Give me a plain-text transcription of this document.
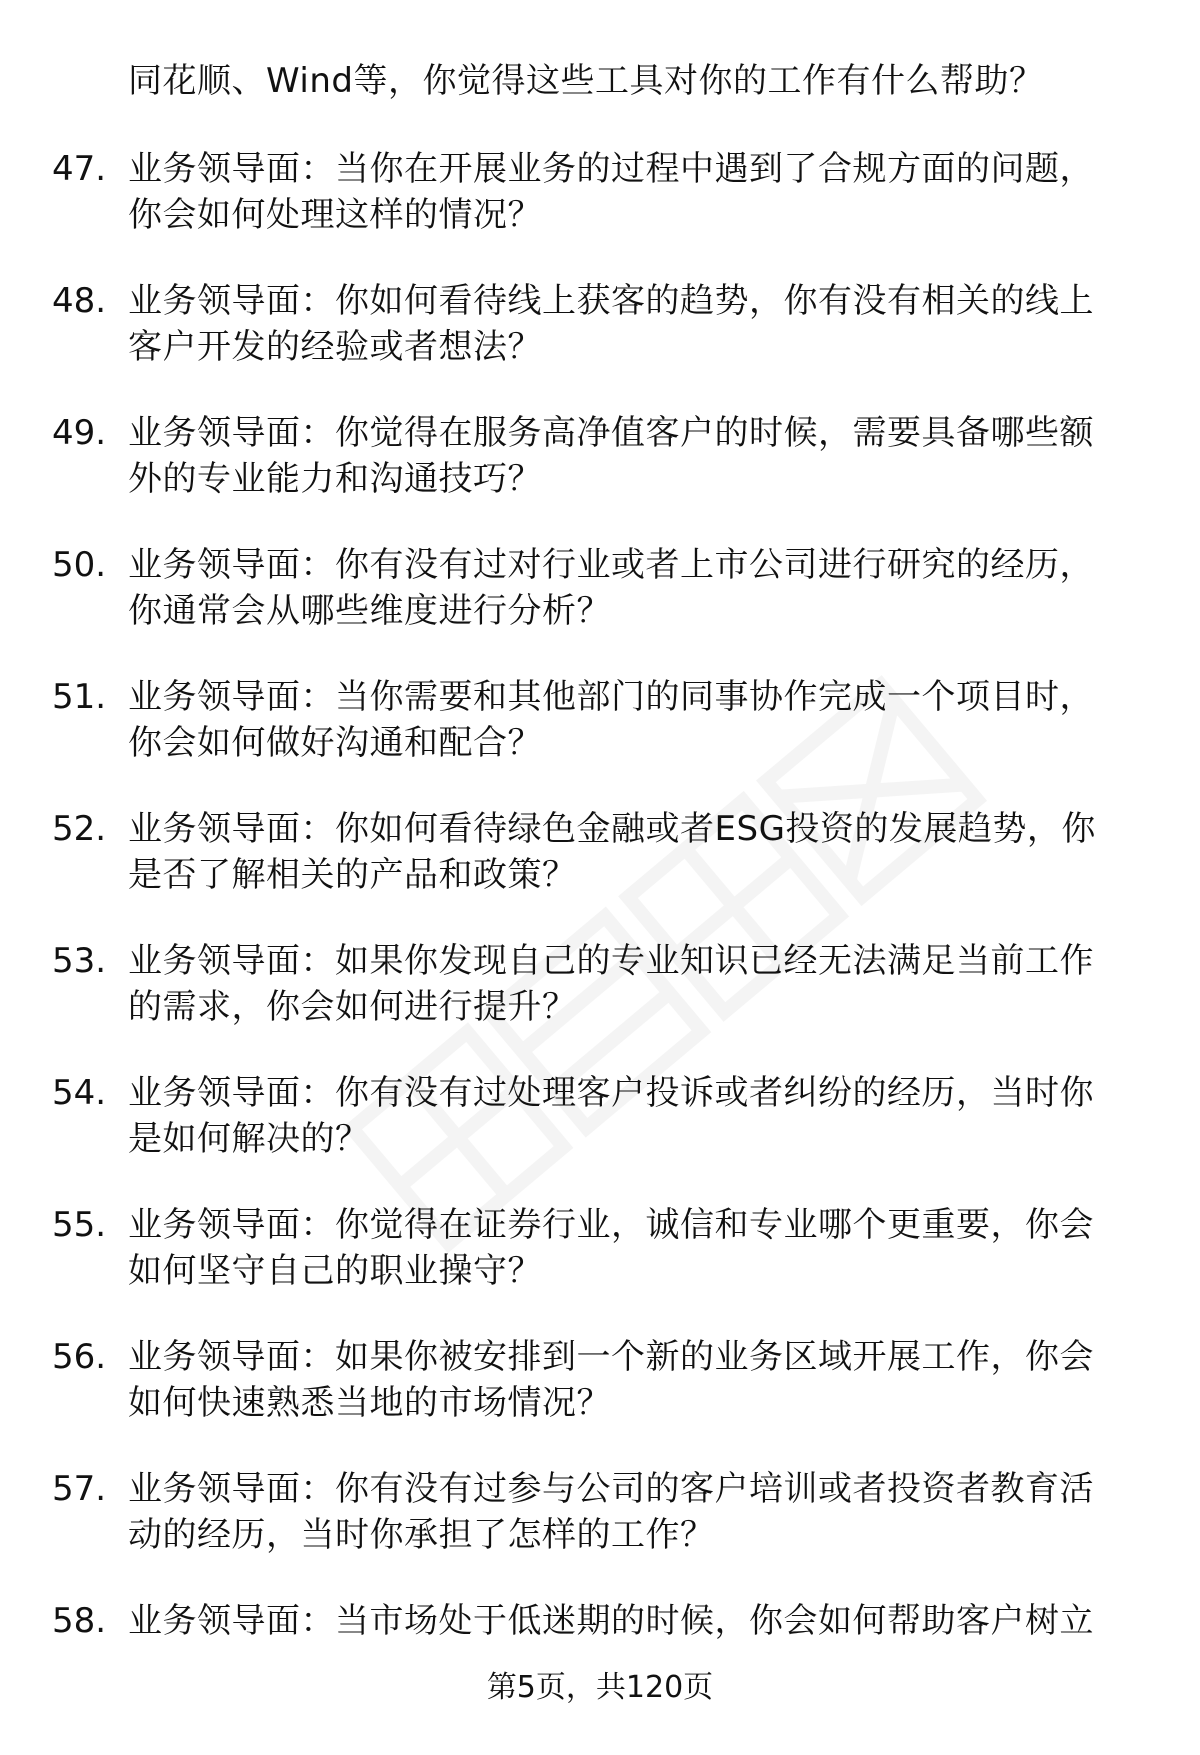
同花顺、Wind等，你觉得这些工具对你的工作有什么帮助？
47. 业务领导面：当你在开展业务的过程中遇到了合规方面的问题，
你会如何处理这样的情况？
48. 业务领导面：你如何看待线上获客的趋势，你有没有相关的线上
客户开发的经验或者想法？
49. 业务领导面：你觉得在服务高净值客户的时候，需要具备哪些额
外的专业能力和沟通技巧？
50. 业务领导面：你有没有过对行业或者上市公司进行研究的经历，
你通常会从哪些维度进行分析？
51. 业务领导面：当你需要和其他部门的同事协作完成一个项目时，
你会如何做好沟通和配合？
52. 业务领导面：你如何看待绿色金融或者ESG投资的发展趋势，你
是否了解相关的产品和政策？
53. 业务领导面：如果你发现自己的专业知识已经无法满足当前工作
的需求，你会如何进行提升？
54. 业务领导面：你有没有过处理客户投诉或者纠纷的经历，当时你
是如何解决的？
55. 业务领导面：你觉得在证券行业，诚信和专业哪个更重要，你会
如何坚守自己的职业操守？
56. 业务领导面：如果你被安排到一个新的业务区域开展工作，你会
如何快速熟悉当地的市场情况？
57. 业务领导面：你有没有过参与公司的客户培训或者投资者教育活
动的经历，当时你承担了怎样的工作？
58. 业务领导面：当市场处于低迷期的时候，你会如何帮助客户树立
第5页，共120页
